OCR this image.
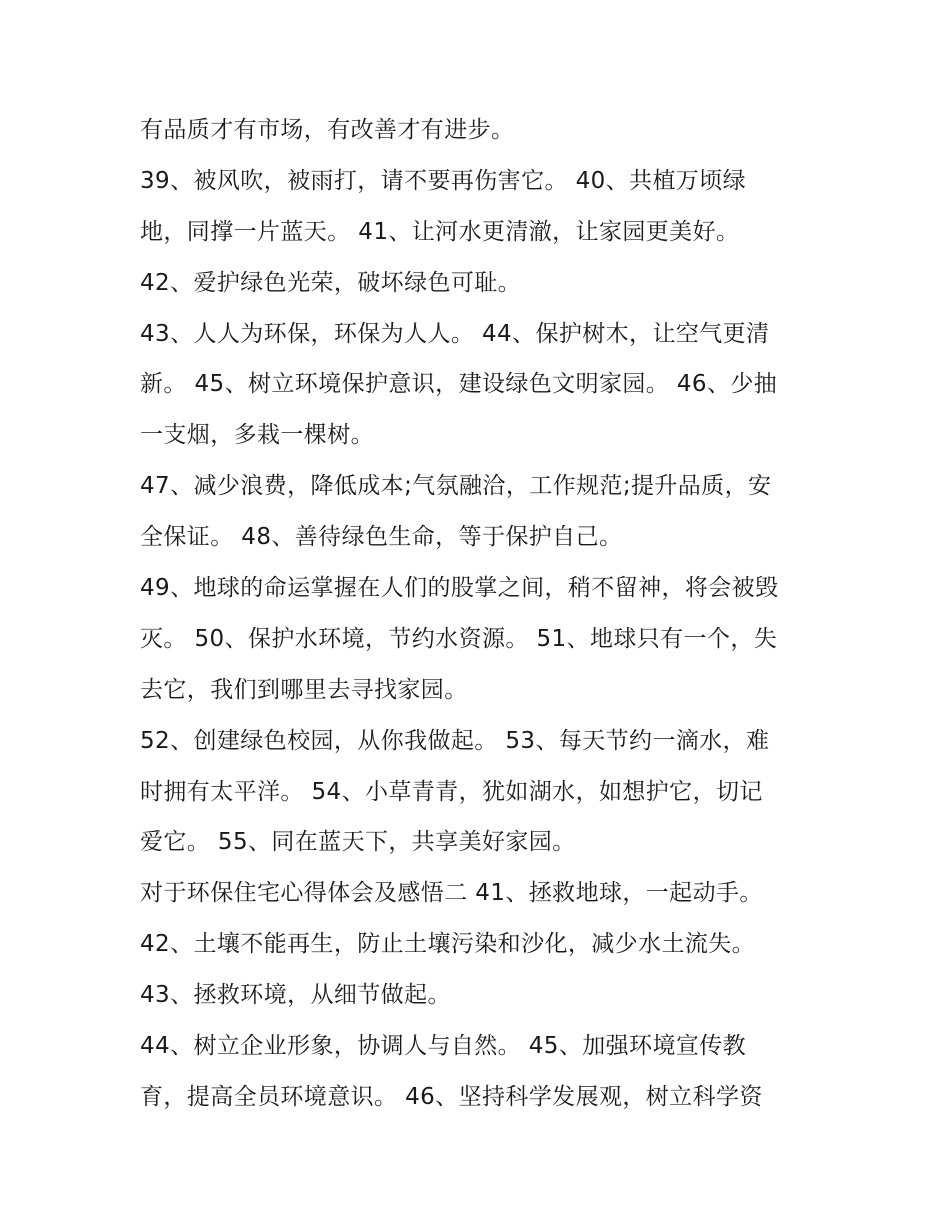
有品质才有市场，有改善才有进步。
39、被风吹，被雨打，请不要再伤害它。 40、共植万顷绿
地，同撑一片蓝天。 41、让河水更清澈，让家园更美好。
42、爱护绿色光荣，破坏绿色可耻。
43、人人为环保，环保为人人。 44、保护树木，让空气更清
新。 45、树立环境保护意识，建设绿色文明家园。 46、少抽
一支烟，多栽一棵树。
47、减少浪费，降低成本;气氛融洽，工作规范;提升品质，安
全保证。 48、善待绿色生命，等于保护自己。
49、地球的命运掌握在人们的股掌之间，稍不留神，将会被毁
灭。 50、保护水环境，节约水资源。 51、地球只有一个，失
去它，我们到哪里去寻找家园。
52、创建绿色校园，从你我做起。 53、每天节约一滴水，难
时拥有太平洋。 54、小草青青，犹如湖水，如想护它，切记
爱它。 55、同在蓝天下，共享美好家园。
对于环保住宅心得体会及感悟二 41、拯救地球，一起动手。
42、土壤不能再生，防止土壤污染和沙化，减少水土流失。
43、拯救环境，从细节做起。
44、树立企业形象，协调人与自然。 45、加强环境宣传教
育，提高全员环境意识。 46、坚持科学发展观，树立科学资
